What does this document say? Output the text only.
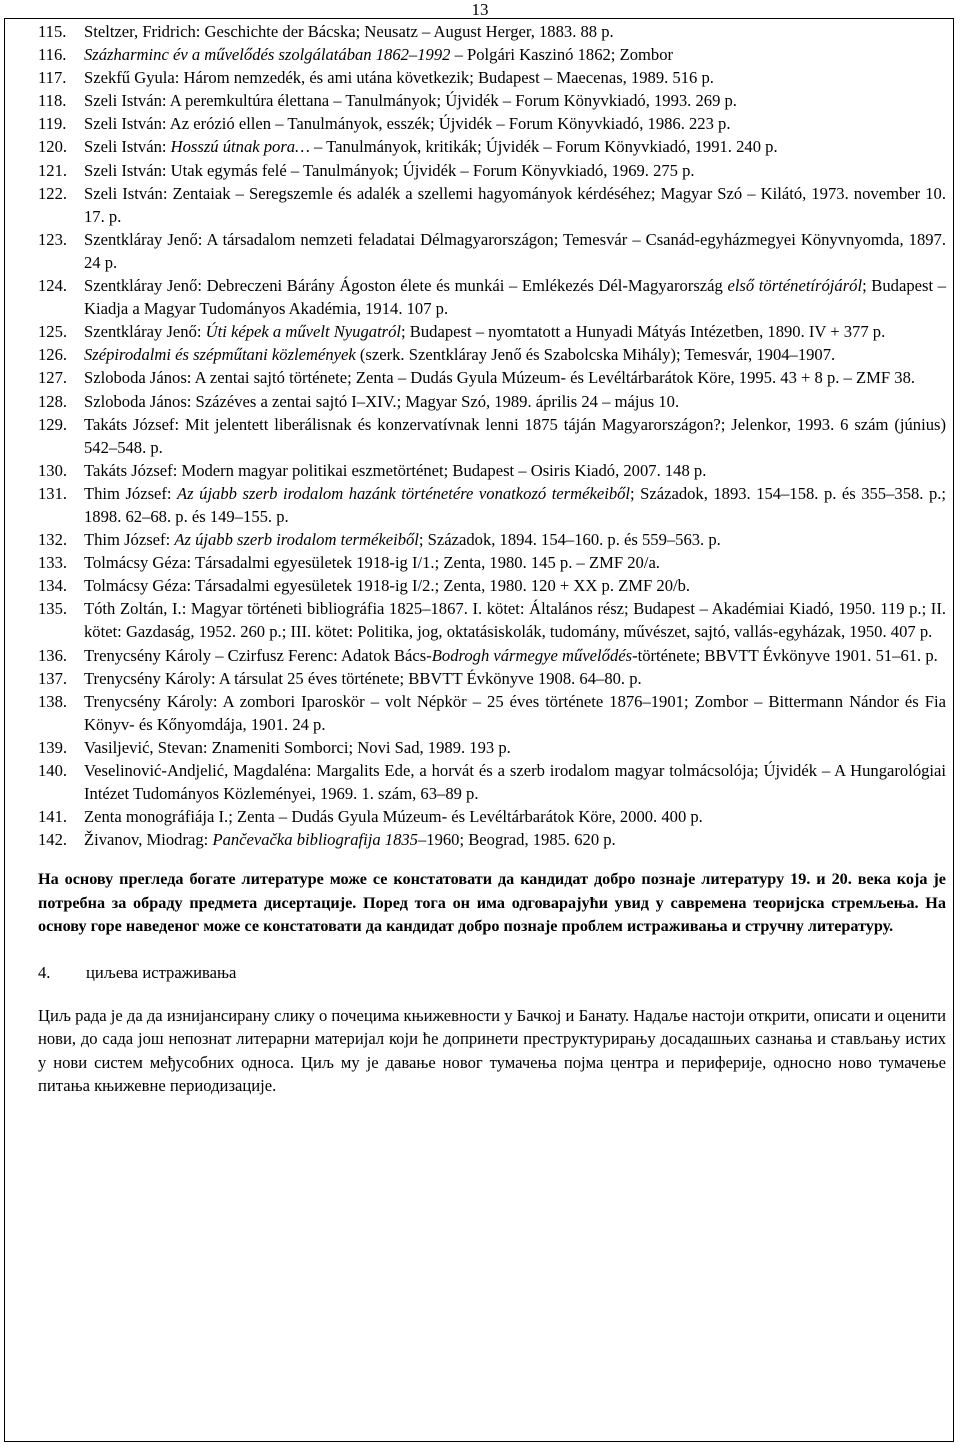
13
115. Steltzer, Fridrich: Geschichte der Bácska; Neusatz – August Herger, 1883. 88 p.
116. Százharminc év a művelődés szolgálatában 1862–1992 – Polgári Kaszinó 1862; Zombor
117. Szekfű Gyula: Három nemzedék, és ami utána következik; Budapest – Maecenas, 1989. 516 p.
118. Szeli István: A peremkultúra élettana – Tanulmányok; Újvidék – Forum Könyvkiadó, 1993. 269 p.
119. Szeli István: Az erózió ellen – Tanulmányok, esszék; Újvidék – Forum Könyvkiadó, 1986. 223 p.
120. Szeli István: Hosszú útnak pora… – Tanulmányok, kritikák; Újvidék – Forum Könyvkiadó, 1991. 240 p.
121. Szeli István: Utak egymás felé – Tanulmányok; Újvidék – Forum Könyvkiadó, 1969. 275 p.
122. Szeli István: Zentaiak – Seregszemle és adalék a szellemi hagyományok kérdéséhez; Magyar Szó – Kilátó, 1973. november 10. 17. p.
123. Szentkláray Jenő: A társadalom nemzeti feladatai Délmagyarországon; Temesvár – Csanád-egyházmegyei Könyvnyomda, 1897. 24 p.
124. Szentkláray Jenő: Debreczeni Bárány Ágoston élete és munkái – Emlékezés Dél-Magyarország első történetírójáról; Budapest – Kiadja a Magyar Tudományos Akadémia, 1914. 107 p.
125. Szentkláray Jenő: Úti képek a művelt Nyugatról; Budapest – nyomtatott a Hunyadi Mátyás Intézetben, 1890. IV + 377 p.
126. Szépirodalmi és szépműtani közlemények (szerk. Szentkláray Jenő és Szabolcska Mihály); Temesvár, 1904–1907.
127. Szloboda János: A zentai sajtó története; Zenta – Dudás Gyula Múzeum- és Levéltárbarátok Köre, 1995. 43 + 8 p. – ZMF 38.
128. Szloboda János: Százéves a zentai sajtó I–XIV.; Magyar Szó, 1989. április 24 – május 10.
129. Takáts József: Mit jelentett liberálisnak és konzervatívnak lenni 1875 táján Magyarországon?; Jelenkor, 1993. 6 szám (június) 542–548. p.
130. Takáts József: Modern magyar politikai eszmetörténet; Budapest – Osiris Kiadó, 2007. 148 p.
131. Thim József: Az újabb szerb irodalom hazánk történetére vonatkozó termékeiből; Századok, 1893. 154–158. p. és 355–358. p.; 1898. 62–68. p. és 149–155. p.
132. Thim József: Az újabb szerb irodalom termékeiből; Századok, 1894. 154–160. p. és 559–563. p.
133. Tolmácsy Géza: Társadalmi egyesületek 1918-ig I/1.; Zenta, 1980. 145 p. – ZMF 20/a.
134. Tolmácsy Géza: Társadalmi egyesületek 1918-ig I/2.; Zenta, 1980. 120 + XX p. ZMF 20/b.
135. Tóth Zoltán, I.: Magyar történeti bibliográfia 1825–1867. I. kötet: Általános rész; Budapest – Akadémiai Kiadó, 1950. 119 p.; II. kötet: Gazdaság, 1952. 260 p.; III. kötet: Politika, jog, oktatásiskolák, tudomány, művészet, sajtó, vallás-egyházak, 1950. 407 p.
136. Trenycsény Károly – Czirfusz Ferenc: Adatok Bács-Bodrogh vármegye művelődés-története; BBVTT Évkönyve 1901. 51–61. p.
137. Trenycsény Károly: A társulat 25 éves története; BBVTT Évkönyve 1908. 64–80. p.
138. Trenycsény Károly: A zombori Iparoskör – volt Népkör – 25 éves története 1876–1901; Zombor – Bittermann Nándor és Fia Könyv- és Kőnyomdája, 1901. 24 p.
139. Vasiljević, Stevan: Znameniti Somborci; Novi Sad, 1989. 193 p.
140. Veselinović-Andjelić, Magdaléna: Margalits Ede, a horvát és a szerb irodalom magyar tolmácsolója; Újvidék – A Hungarológiai Intézet Tudományos Közleményei, 1969. 1. szám, 63–89 p.
141. Zenta monográfiája I.; Zenta – Dudás Gyula Múzeum- és Levéltárbarátok Köre, 2000. 400 p.
142. Živanov, Miodrag: Pančevačka bibliografija 1835–1960; Beograd, 1985. 620 p.
На основу прегледа богате литературе може се констатовати да кандидат добро познаје литературу 19. и 20. века која је потребна за обраду предмета дисертације. Поред тога он има одговарајући увид у савремена теоријска стремљења. На основу горе наведеног може се констатовати да кандидат добро познаје проблем истраживања и стручну литературу.
4. циљева истраживања
Циљ рада је да да изнијансирану слику о почецима књижевности у Бачкој и Банату. Надаље настоји открити, описати и оценити нови, до сада још непознат литерарни материјал који ће допринети преструктурирању досадашњих сазнања и стављању истих у нови систем међусобних односа. Циљ му је давање новог тумачења појма центра и периферије, односно ново тумачење питања књижевне периодизације.
